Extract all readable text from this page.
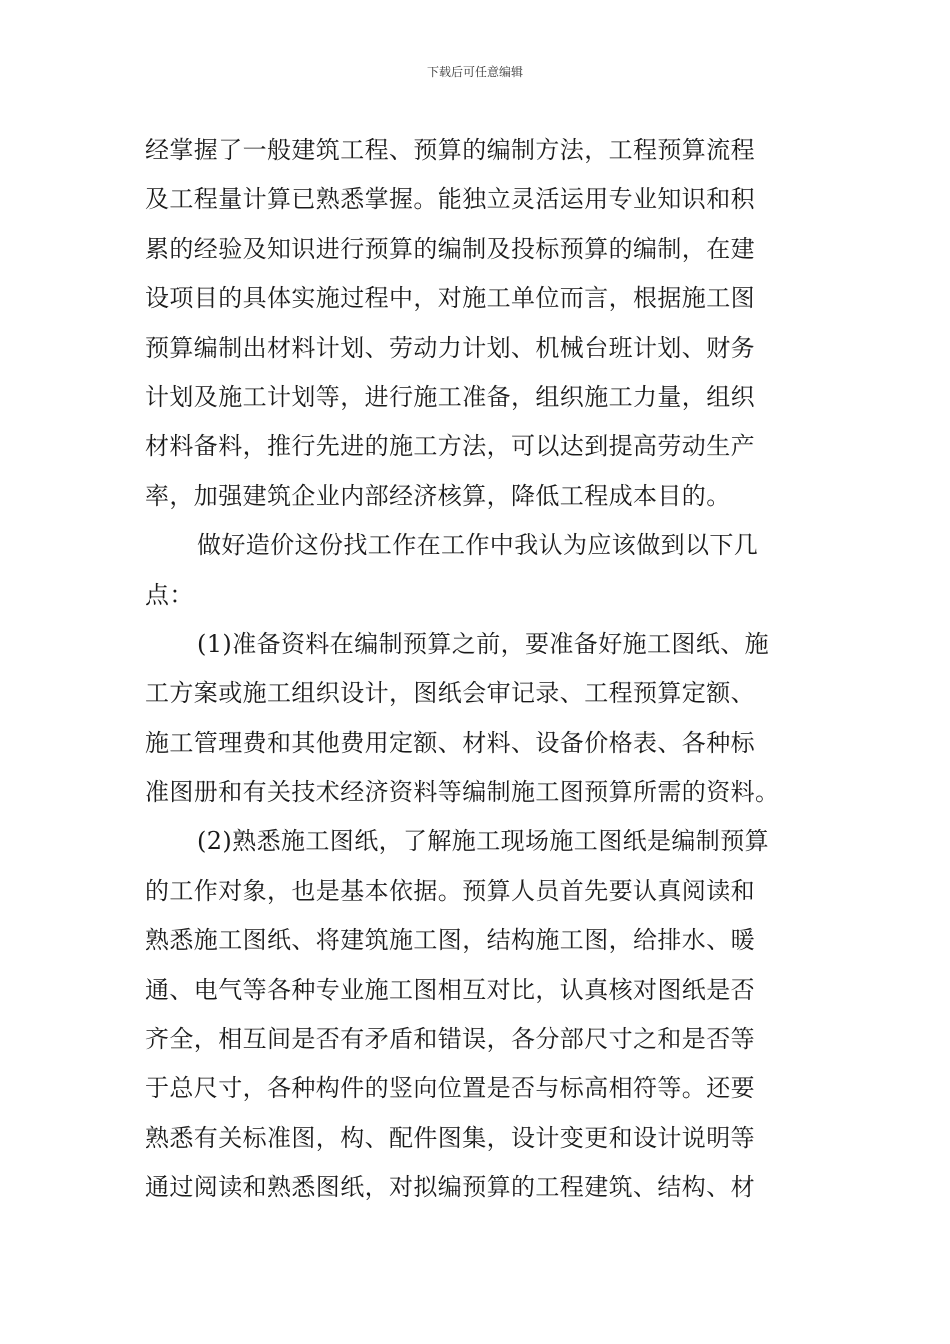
下载后可任意编辑
经掌握了一般建筑工程、预算的编制方法，工程预算流程
及工程量计算已熟悉掌握。能独立灵活运用专业知识和积
累的经验及知识进行预算的编制及投标预算的编制，在建
设项目的具体实施过程中，对施工单位而言，根据施工图
预算编制出材料计划、劳动力计划、机械台班计划、财务
计划及施工计划等，进行施工准备，组织施工力量，组织
材料备料，推行先进的施工方法，可以达到提高劳动生产
率，加强建筑企业内部经济核算，降低工程成本目的。
做好造价这份找工作在工作中我认为应该做到以下几
点：
(1)准备资料在编制预算之前，要准备好施工图纸、施
工方案或施工组织设计，图纸会审记录、工程预算定额、
施工管理费和其他费用定额、材料、设备价格表、各种标
准图册和有关技术经济资料等编制施工图预算所需的资料。
(2)熟悉施工图纸，了解施工现场施工图纸是编制预算
的工作对象，也是基本依据。预算人员首先要认真阅读和
熟悉施工图纸、将建筑施工图，结构施工图，给排水、暖
通、电气等各种专业施工图相互对比，认真核对图纸是否
齐全，相互间是否有矛盾和错误，各分部尺寸之和是否等
于总尺寸，各种构件的竖向位置是否与标高相符等。还要
熟悉有关标准图，构、配件图集，设计变更和设计说明等
通过阅读和熟悉图纸，对拟编预算的工程建筑、结构、材
